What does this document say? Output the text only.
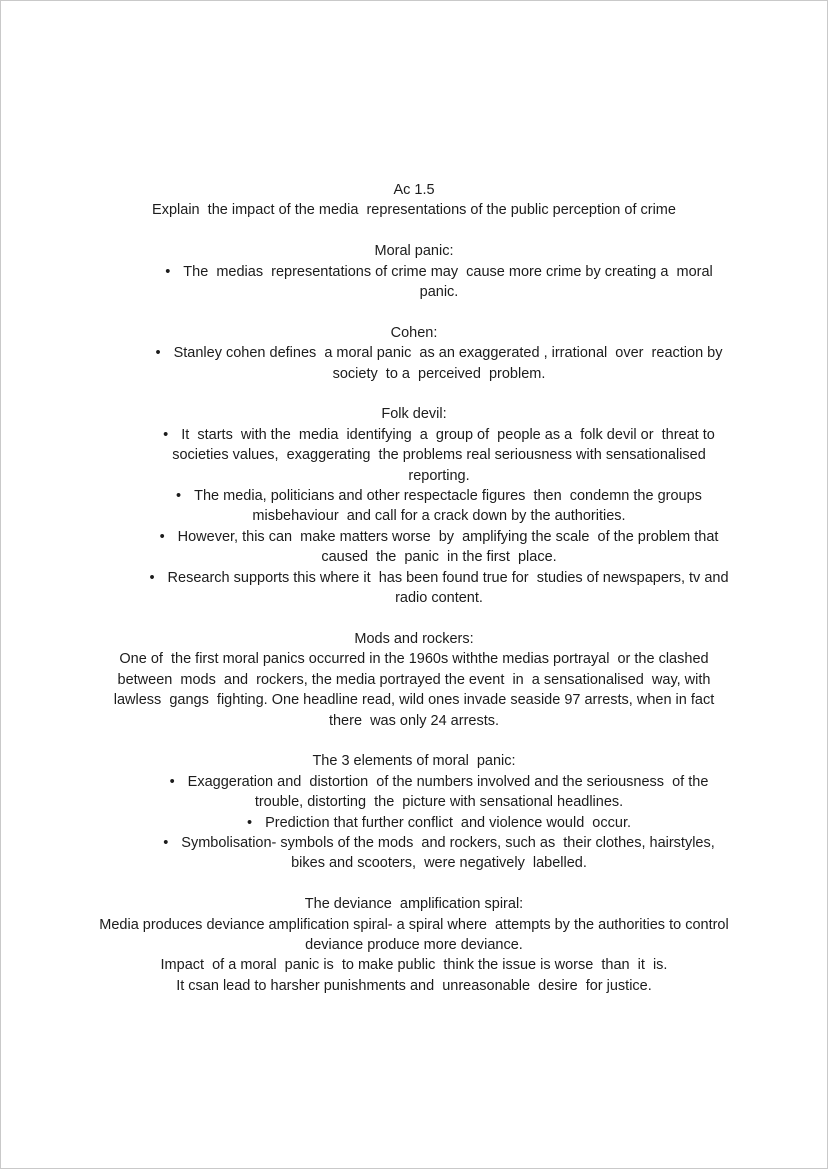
Ac 1.5

Explain  the impact of the media  representations of the public perception of crime

Moral panic:

• The  medias  representations of crime may  cause more crime by creating a  moral panic.

Cohen:

• Stanley cohen defines  a moral panic  as an exaggerated , irrational  over  reaction by society  to a  perceived  problem.

Folk devil:

• It  starts  with the  media  identifying  a  group of  people as a  folk devil or  threat to societies values,  exaggerating  the problems real seriousness with sensationalised reporting.
• The media, politicians and other respectacle figures  then  condemn the groups misbehaviour  and call for a crack down by the authorities.
• However, this can  make matters worse  by  amplifying the scale  of the problem that caused  the  panic  in the first  place.
• Research supports this where it  has been found true for  studies of newspapers, tv and  radio content.

Mods and rockers:

One of  the first moral panics occurred in the 1960s withthe medias portrayal  or the clashed between  mods  and  rockers, the media portrayed the event  in  a sensationalised  way, with lawless  gangs  fighting. One headline read, wild ones invade seaside 97 arrests, when in fact there  was only 24 arrests.

The 3 elements of moral  panic:

• Exaggeration and  distortion  of the numbers involved and the seriousness  of the trouble, distorting  the  picture with sensational headlines.
• Prediction that further conflict  and violence would  occur.
• Symbolisation- symbols of the mods  and rockers, such as  their clothes, hairstyles, bikes and scooters,  were negatively  labelled.

The deviance  amplification spiral:

Media produces deviance amplification spiral- a spiral where  attempts by the authorities to control deviance produce more deviance.

Impact  of a moral  panic is  to make public  think the issue is worse  than  it  is.

It csan lead to harsher punishments and  unreasonable  desire  for justice.
